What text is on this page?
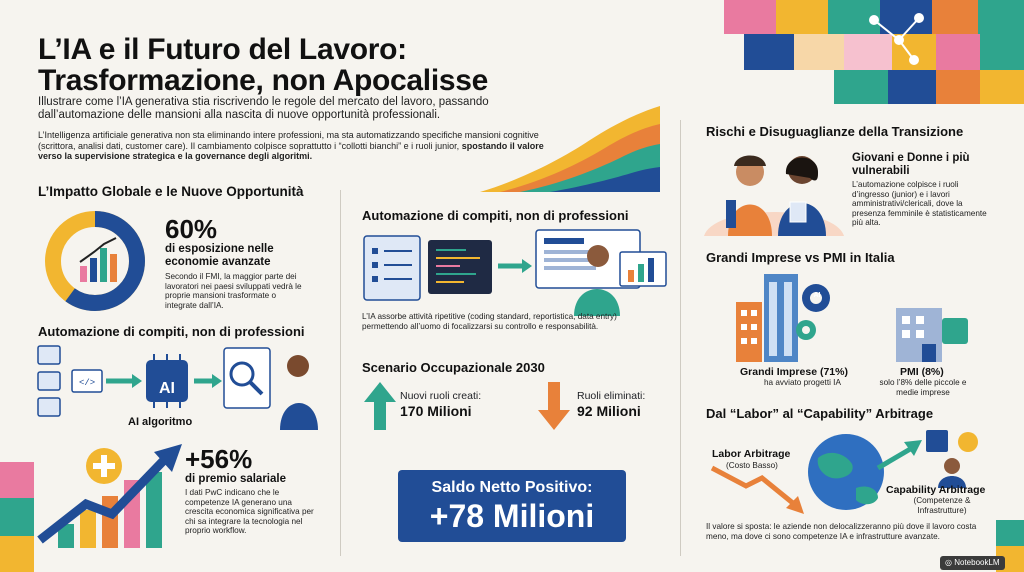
L’IA e il Futuro del Lavoro:
Trasformazione, non Apocalisse
Illustrare come l’IA generativa stia riscrivendo le regole del mercato del lavoro, passando dall’automazione delle mansioni alla nascita di nuove opportunità professionali.
L’Intelligenza artificiale generativa non sta eliminando intere professioni, ma sta automatizzando specifiche mansioni cognitive (scrittora, analisi dati, customer care). Il cambiamento colpisce soprattutto i “collotti bianchi” e i ruoli junior, spostando il valore verso la supervisione strategica e la governance degli algoritmi.
L’Impatto Globale e le Nuove Opportunità
60%
di esposizione nelle economie avanzate
Secondo il FMI, la maggior parte dei lavoratori nei paesi sviluppati vedrà le proprie mansioni trasformate o integrate dall’IA.
Automazione di compiti, non di professioni
</>	AI
AI algoritmo
+56%
di premio salariale
I dati PwC indicano che le competenze IA generano una crescita economica significativa per chi sa integrare la tecnologia nel proprio workflow.
Automazione di compiti, non di professioni
L’IA assorbe attività ripetitive (coding standard, reportistica, data entry) permettendo all’uomo di focalizzarsi su controllo e responsabilità.
Scenario Occupazionale 2030
Nuovi ruoli creati:
170 Milioni
Ruoli eliminati:
92 Milioni
Saldo Netto Positivo:
+78 Milioni
Rischi e Disuguaglianze della Transizione
Giovani e Donne i più vulnerabili
L’automazione colpisce i ruoli d’ingresso (junior) e i lavori amministrativi/clericali, dove la presenza femminile è statisticamente più alta.
Grandi Imprese vs PMI in Italia
AI
Grandi Imprese (71%)
ha avviato progetti IA
PMI (8%)
solo l’8% delle piccole e medie imprese
Dal “Labor” al “Capability” Arbitrage
Labor Arbitrage
(Costo Basso)
Capability Arbitrage
(Competenze & Infrastrutture)
Il valore si sposta: le aziende non delocalizzeranno più dove il lavoro costa meno, ma dove ci sono competenze IA e infrastrutture avanzate.
◎ NotebookLM
